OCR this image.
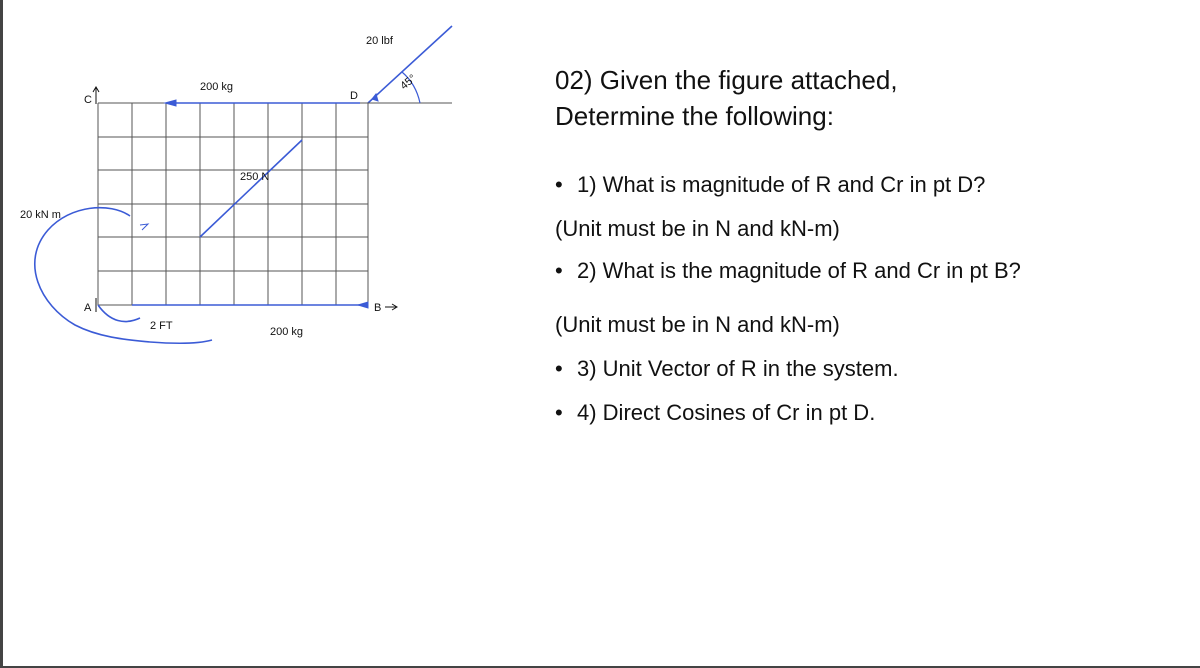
C	D
A	B
20 kN m
20 lbf
200 kg
200 kg
250 N
2 FT
45°	02) Given the figure attached,

Determine the following:

• 1) What is magnitude of R and Cr in pt D?
(Unit must be in N and kN-m)
• 2) What is the magnitude of R and Cr in pt B?
(Unit must be in N and kN-m)
• 3) Unit Vector of R in the system.
• 4) Direct Cosines of Cr in pt D.
